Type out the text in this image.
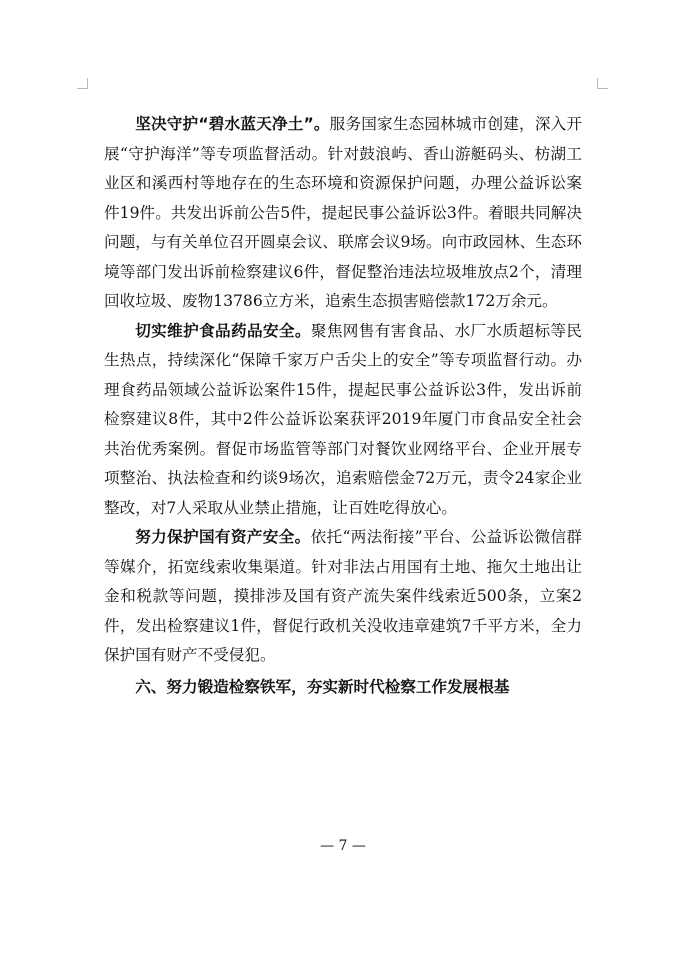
坚决守护“碧水蓝天净土”。服务国家生态园林城市创建，深入开展“守护海洋”等专项监督活动。针对鼓浪屿、香山游艇码头、枋湖工业区和溪西村等地存在的生态环境和资源保护问题，办理公益诉讼案件19件。共发出诉前公告5件，提起民事公益诉讼3件。着眼共同解决问题，与有关单位召开圆桌会议、联席会议9场。向市政园林、生态环境等部门发出诉前检察建议6件，督促整治违法垃圾堆放点2个，清理回收垃圾、废物13786立方米，追索生态损害赔偿款172万余元。

切实维护食品药品安全。聚焦网售有害食品、水厂水质超标等民生热点，持续深化“保障千家万户舌尖上的安全”等专项监督行动。办理食药品领域公益诉讼案件15件，提起民事公益诉讼3件，发出诉前检察建议8件，其中2件公益诉讼案获评2019年厦门市食品安全社会共治优秀案例。督促市场监管等部门对餐饮业网络平台、企业开展专项整治、执法检查和约谈9场次，追索赔偿金72万元，责令24家企业整改，对7人采取从业禁止措施，让百姓吃得放心。

努力保护国有资产安全。依托“两法衔接”平台、公益诉讼微信群等媒介，拓宽线索收集渠道。针对非法占用国有土地、拖欠土地出让金和税款等问题，摸排涉及国有资产流失案件线索近500条，立案2件，发出检察建议1件，督促行政机关没收违章建筑7千平方米，全力保护国有财产不受侵犯。

六、努力锻造检察铁军，夯实新时代检察工作发展根基

— 7 —
